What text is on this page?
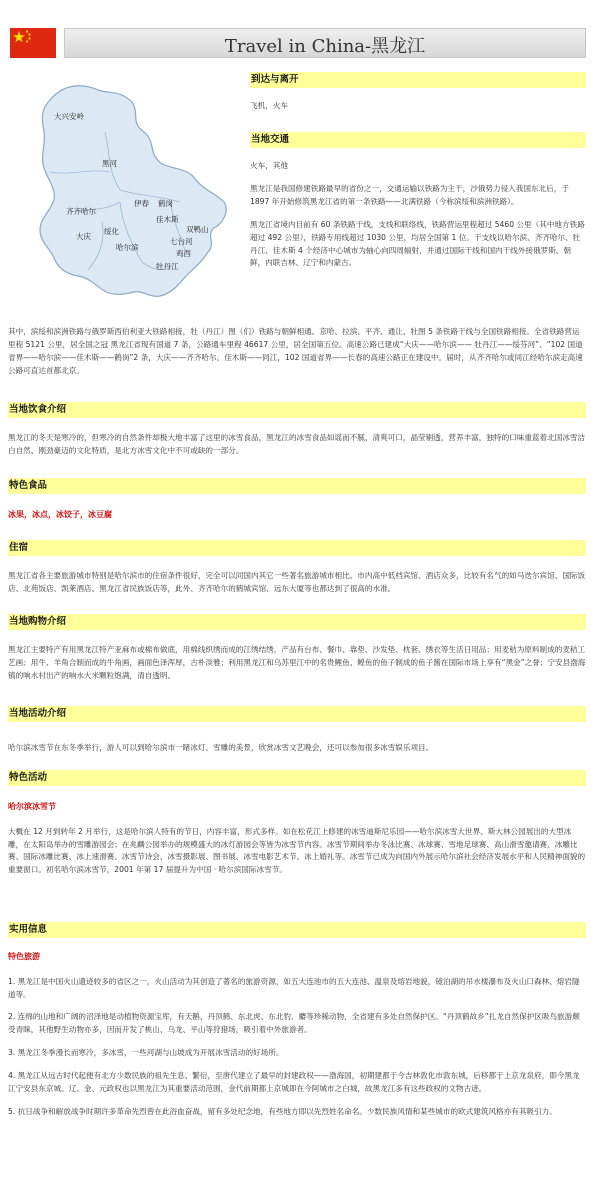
Travel in China-黑龙江
大兴安岭
黑河
伊春 鹤岗
齐齐哈尔
绥化
佳木斯
双鸭山
大庆
哈尔滨
七台河
鸡西
牡丹江
到达与离开

飞机，火车

当地交通

火车，其他

黑龙江是我国修建铁路最早的省份之一，交通运输以铁路为主干，沙俄势力侵入我国东北后，于 1897 年开始修筑黑龙江省的第一条铁路——北满铁路（今称滨绥和滨洲铁路）。

黑龙江省境内目前有 60 条铁路干线，支线和联络线，铁路营运里程超过 5460 公里（其中地方铁路超过 492 公里），铁路专用线超过 1030 公里，均居全国第 1 位。干支线以哈尔滨、齐齐哈尔、牡丹江、佳木斯 4 个经济中心城市为轴心向四周辐射，并通过国际干线和国内干线外接俄罗斯、朝鲜，内联吉林、辽宁和内蒙古。

其中，滨绥和滨洲铁路与俄罗斯西伯利亚大铁路相接，牡（丹江）图（们）铁路与朝鲜相通。京哈、拉滨、平齐、通让、牡图 5 条铁路干线与全国铁路相接。全省铁路营运里程 5121 公里，居全国之冠 黑龙江省现有国道 7 条，公路通车里程 46617 公里，居全国第五位。高速公路已建成“大庆——哈尔滨—— 牡丹江——绥芬河”、“102 国道省界——哈尔滨——佳木斯——鹤岗”2 条，大庆——齐齐哈尔，佳木斯——同江，102 国道省界——长春的高速公路正在建设中。届时，从齐齐哈尔或同江经哈尔滨走高速公路可直达首都北京。

当地饮食介绍

黑龙江的冬天是寒冷的，但寒冷的自然条件却极大地丰富了这里的冰雪食品，黑龙江的冰雪食品如谣而不腻，清爽可口，晶莹剔透，营养丰富，独特的口味重蓝着北国冰雪洁白自然、刚劲豪迈的文化特质，是北方冰雪文化中不可或缺的一部分。

特色食品

冰果，冰点，冰饺子，冰豆腐

住宿

黑龙江省各主要旅游城市特别是哈尔滨市的住宿条件很好，完全可以同国内其它一些著名旅游城市相比。市内高中低档宾馆、酒店众多，比较有名气的如马迭尔宾馆、国际饭店、北苑饭店、凯莱酒店、黑龙江省民族饭店等，此外、齐齐哈尔的鹤城宾馆、远东大厦等也都达到了很高的水准。

当地购物介绍

黑龙江主要特产有用黑龙江特产亚麻布或棉布做底，用棉线织绣而成的江绣结绣，产品有台布、餐巾、靠垫、沙发垫、枕套、绣衣等生活日用品；用麦秸为原料制成的麦秸工艺画；用牛、羊角合制而成的牛角画，画面色泽浑厚，古朴淡雅；利用黑龙江和乌苏里江中的名贵鲤鱼、鳇鱼的鱼子制成的鱼子酱在国际市场上享有“黑金”之誉；宁安县渤海镇的响水村出产的响水大米颗粒饱满，清自透明。

当地活动介绍

哈尔滨冰雪节在东冬季举行，游人可以到哈尔滨市一睹冰灯、雪雕的美景，欣赏冰雪文艺晚会，还可以参加很多冰雪娱乐项目。

特色活动

哈尔滨冰雪节

大概在 12 月到转年 2 月举行，这是哈尔滨人特有的节日，内容丰富，形式多样。如在松花江上修建的冰雪迪斯尼乐园——哈尔滨冰雪大世界、斯大林公园展出的大型冰雕，在太阳岛举办的雪雕游园会；在兆麟公园举办的规模盛大的冰灯游园会等皆为冰雪节内容。冰雪节期间举办冬泳比赛、冰球赛、雪地足球赛、高山滑雪邀请赛、冰雕比赛、国际冰雕比赛、冰上速滑赛、冰雪节诗会、冰雪摄影展、图书展、冰雪电影艺术节、冰上婚礼等。冰雪节已成为向国内外展示哈尔滨社会经济发展水平和人民精神面貌的重要窗口。初名哈尔滨冰雪节，2001 年第 17 届提升为中国 · 哈尔滨国际冰雪节。

实用信息

特色旅游

1. 黑龙江是中国火山遗迹较多的省区之一，火山活动为其创造了著名的旅游资源，如五大连池市的五大连池、温泉及熔岩地貌，镜泊湖的吊水楼瀑布及火山口森林、熔岩隧道等。

2. 连绵的山地和广阔的沼泽地是动植物资源宝库，有天鹅、丹顶鹤、东北虎、东北豹、麝等珍稀动物，全省建有多处自然保护区。“丹顶鹤故乡”扎龙自然保护区吸鸟旅游颇受青睐，其他野生动物亦多，因而开发了桃山、乌龙、平山等狩猎场，吸引着中外旅游者。

3. 黑龙江冬季漫长而寒冷，多冰雪，一些河湖与山坡成为开展冰雪活动的好场所。

4. 黑龙江从远古时代起便有北方少数民族的祖先生息、繁衍，至唐代建立了最早的封建政权——渤海国，初期建都于今吉林敦化市敦东城，后移都于上京龙泉府，即今黑龙江宁安县东京城。辽、金、元政权也以黑龙江为其重要活动范围，金代前期都上京城即在今阿城市之白城，故黑龙江多有这些政权的文物古迹。

5. 抗日战争和解放战争时期许多革命先烈曾在此浴血奋战，留有多处纪念地，有些地方即以先烈姓名命名。少数民族风情和某些城市的欧式建筑风格亦有其吸引力。
